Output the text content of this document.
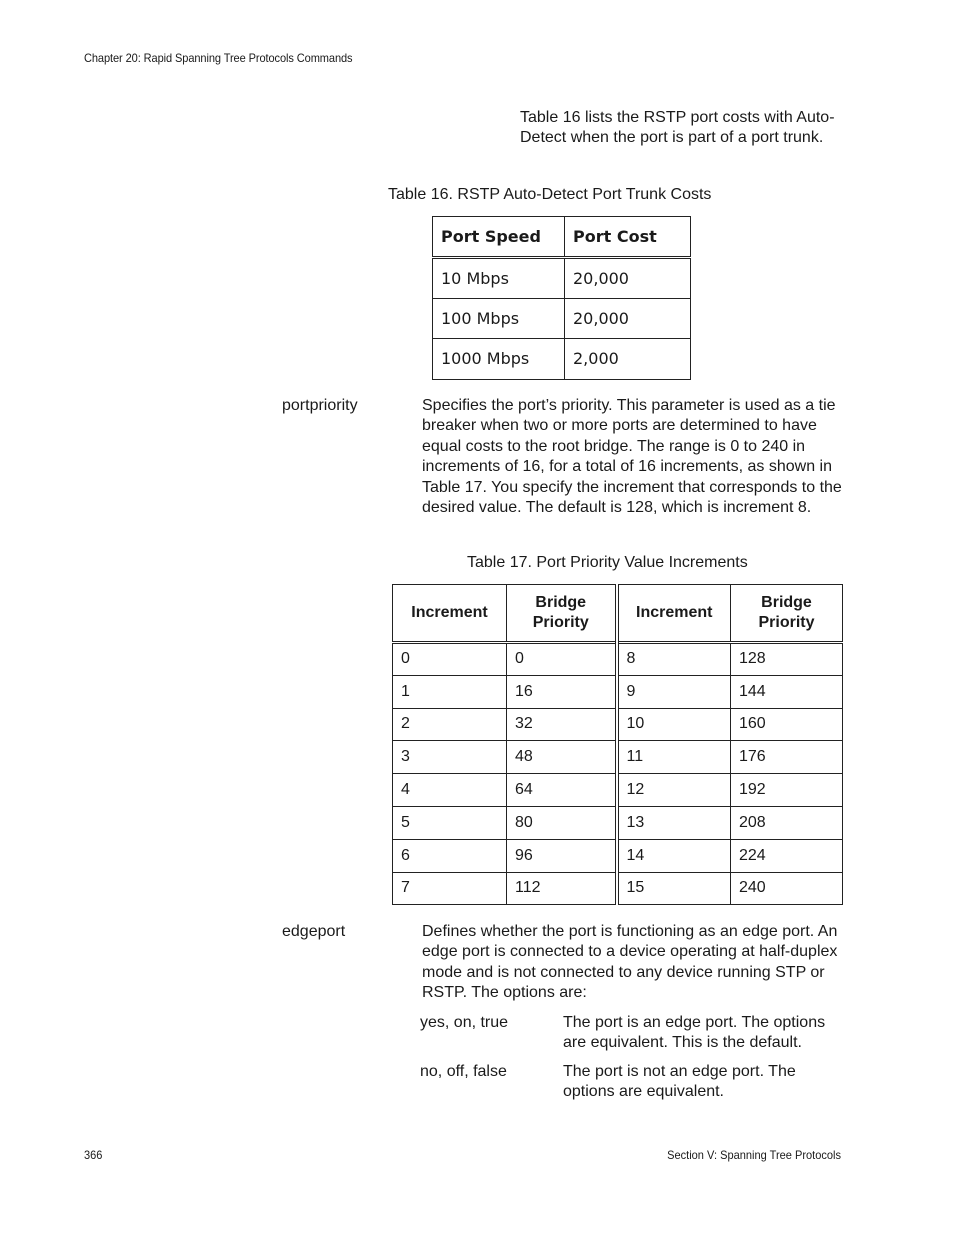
Chapter 20: Rapid Spanning Tree Protocols Commands
Table 16 lists the RSTP port costs with Auto-Detect when the port is part of a port trunk.
Table 16. RSTP Auto-Detect Port Trunk Costs
Port Speed	Port Cost
10 Mbps	20,000
100 Mbps	20,000
1000 Mbps	2,000
portpriority	Specifies the port’s priority. This parameter is used as a tie breaker when two or more ports are determined to have equal costs to the root bridge. The range is 0 to 240 in increments of 16, for a total of 16 increments, as shown in Table 17. You specify the increment that corresponds to the desired value. The default is 128, which is increment 8.
Table 17. Port Priority Value Increments
Increment	Bridge Priority	Increment	Bridge Priority
0	0	8	128
1	16	9	144
2	32	10	160
3	48	11	176
4	64	12	192
5	80	13	208
6	96	14	224
7	112	15	240
edgeport	Defines whether the port is functioning as an edge port. An edge port is connected to a device operating at half-duplex mode and is not connected to any device running STP or RSTP. The options are:
yes, on, true	The port is an edge port. The options are equivalent. This is the default.
no, off, false	The port is not an edge port. The options are equivalent.
366	Section V: Spanning Tree Protocols
